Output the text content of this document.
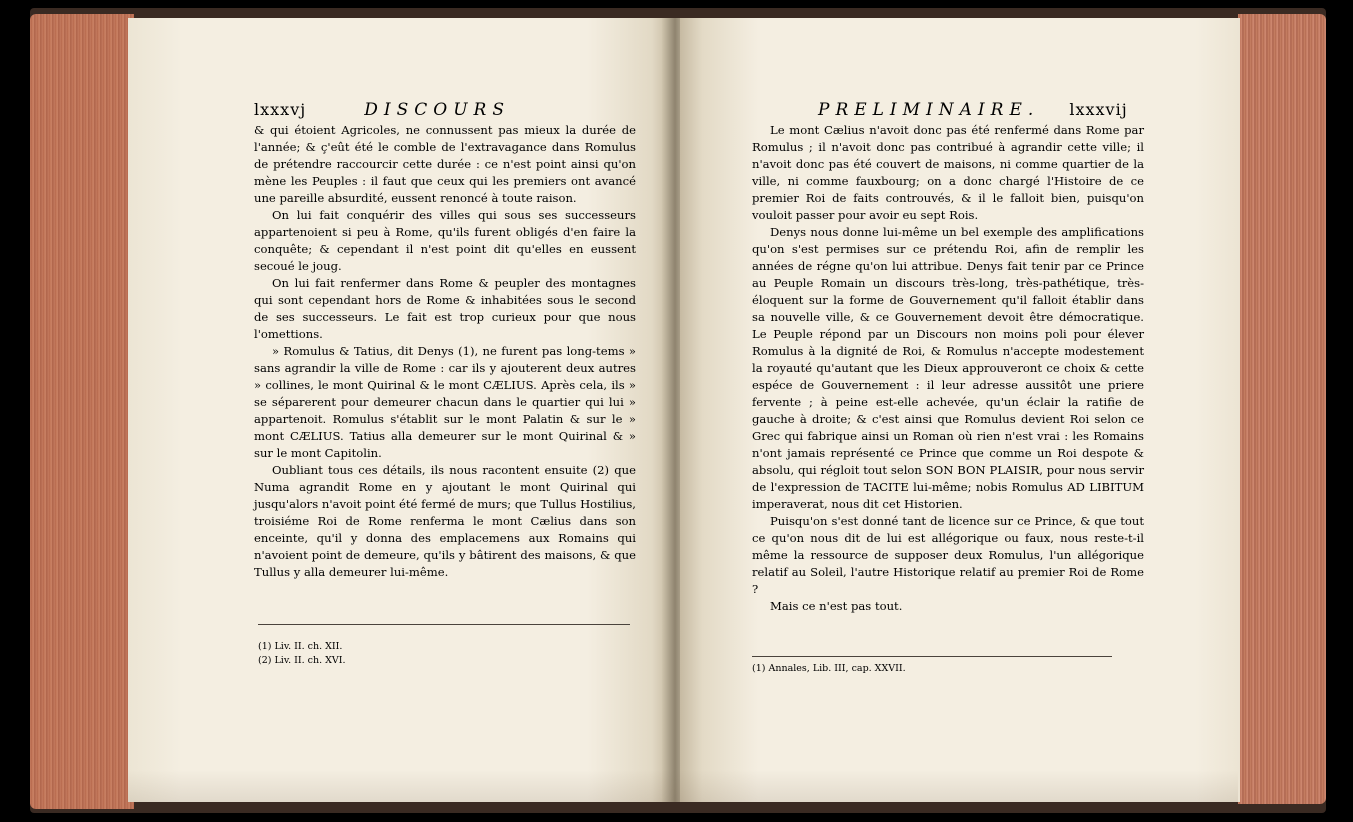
lxxxvj	DISCOURS

& qui étoient Agricoles, ne connussent pas mieux la durée de l'année; & ç'eût été le comble de l'extravagance dans Romulus de prétendre raccourcir cette durée : ce n'est point ainsi qu'on mène les Peuples : il faut que ceux qui les premiers ont avancé une pareille absurdité, eussent renoncé à toute raison.

On lui fait conquérir des villes qui sous ses successeurs appartenoient si peu à Rome, qu'ils furent obligés d'en faire la conquête; & cependant il n'est point dit qu'elles en eussent secoué le joug.

On lui fait renfermer dans Rome & peupler des montagnes qui sont cependant hors de Rome & inhabitées sous le second de ses successeurs. Le fait est trop curieux pour que nous l'omettions.

» Romulus & Tatius, dit Denys (1), ne furent pas long-tems » sans agrandir la ville de Rome : car ils y ajouterent deux autres » collines, le mont Quirinal & le mont CÆLIUS. Après cela, ils » se séparerent pour demeurer chacun dans le quartier qui lui » appartenoit. Romulus s'établit sur le mont Palatin & sur le » mont CÆLIUS. Tatius alla demeurer sur le mont Quirinal & » sur le mont Capitolin.

Oubliant tous ces détails, ils nous racontent ensuite (2) que Numa agrandit Rome en y ajoutant le mont Quirinal qui jusqu'alors n'avoit point été fermé de murs; que Tullus Hostilius, troisiéme Roi de Rome renferma le mont Cælius dans son enceinte, qu'il y donna des emplacemens aux Romains qui n'avoient point de demeure, qu'ils y bâtirent des maisons, & que Tullus y alla demeurer lui-même.

(1) Liv. II. ch. XII.
(2) Liv. II. ch. XVI.
PRELIMINAIRE. lxxxvij

Le mont Cælius n'avoit donc pas été renfermé dans Rome par Romulus ; il n'avoit donc pas contribué à agrandir cette ville; il n'avoit donc pas été couvert de maisons, ni comme quartier de la ville, ni comme fauxbourg; on a donc chargé l'Histoire de ce premier Roi de faits controuvés, & il le falloit bien, puisqu'on vouloit passer pour avoir eu sept Rois.

Denys nous donne lui-même un bel exemple des amplifications qu'on s'est permises sur ce prétendu Roi, afin de remplir les années de régne qu'on lui attribue. Denys fait tenir par ce Prince au Peuple Romain un discours très-long, très-pathétique, très-éloquent sur la forme de Gouvernement qu'il falloit établir dans sa nouvelle ville, & ce Gouvernement devoit être démocratique. Le Peuple répond par un Discours non moins poli pour élever Romulus à la dignité de Roi, & Romulus n'accepte modestement la royauté qu'autant que les Dieux approuveront ce choix & cette espéce de Gouvernement : il leur adresse aussitôt une priere fervente ; à peine est-elle achevée, qu'un éclair la ratifie de gauche à droite; & c'est ainsi que Romulus devient Roi selon ce Grec qui fabrique ainsi un Roman où rien n'est vrai : les Romains n'ont jamais représenté ce Prince que comme un Roi despote & absolu, qui régloit tout selon SON BON PLAISIR, pour nous servir de l'expression de TACITE lui-même; nobis Romulus AD LIBITUM imperaverat, nous dit cet Historien.

Puisqu'on s'est donné tant de licence sur ce Prince, & que tout ce qu'on nous dit de lui est allégorique ou faux, nous reste-t-il même la ressource de supposer deux Romulus, l'un allégorique relatif au Soleil, l'autre Historique relatif au premier Roi de Rome ?

Mais ce n'est pas tout.

(1) Annales, Lib. III, cap. XXVII.
